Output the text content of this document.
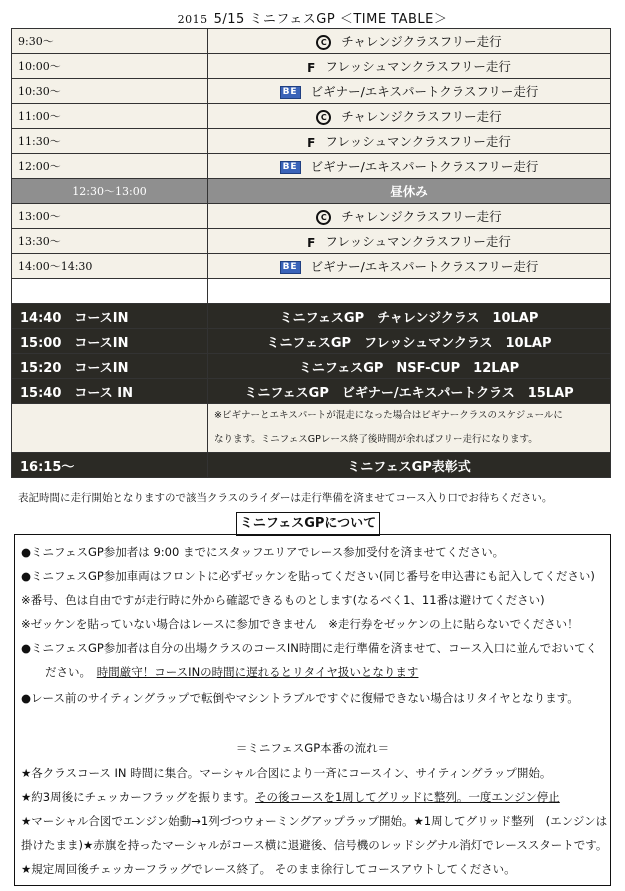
2015 5/15 ミニフェスGP ＜TIME TABLE＞
9:30〜	C チャレンジクラスフリー走行
10:00〜	F フレッシュマンクラスフリー走行
10:30〜	BE ビギナー/エキスパートクラスフリー走行
11:00〜	C チャレンジクラスフリー走行
11:30〜	F フレッシュマンクラスフリー走行
12:00〜	BE ビギナー/エキスパートクラスフリー走行
12:30〜13:00	昼休み
13:00〜	C チャレンジクラスフリー走行
13:30〜	F フレッシュマンクラスフリー走行
14:00〜14:30	BE ビギナー/エキスパートクラスフリー走行

14:40　コースIN	ミニフェスGP　チャレンジクラス　10LAP
15:00　コースIN	ミニフェスGP　フレッシュマンクラス　10LAP
15:20　コースIN	ミニフェスGP　NSF-CUP　12LAP
15:40　コース IN	ミニフェスGP　ビギナー/エキスパートクラス　15LAP

	※ビギナーとエキスパートが混走になった場合はビギナークラスのスケジュールに
なります。ミニフェスGPレース終了後時間が余ればフリー走行になります。

16:15〜	ミニフェスGP表彰式
表記時間に走行開始となりますので該当クラスのライダーは走行準備を済ませてコース入り口でお待ちください。
ミニフェスGPについて
●ミニフェスGP参加者は 9:00 までにスタッフエリアでレース参加受付を済ませてください。
●ミニフェスGP参加車両はフロントに必ずゼッケンを貼ってください(同じ番号を申込書にも記入してください)
※番号、色は自由ですが走行時に外から確認できるものとします(なるべく1、11番は避けてください)
※ゼッケンを貼っていない場合はレースに参加できません　※走行券をゼッケンの上に貼らないでください！
●ミニフェスGP参加者は自分の出場クラスのコースIN時間に走行準備を済ませて、コース入口に並んでおいてく
ださい。　 時間厳守！コースINの時間に遅れるとリタイヤ扱いとなります
●レース前のサイティングラップで転倒やマシントラブルですぐに復帰できない場合はリタイヤとなります。
＝ミニフェスGP本番の流れ＝
★各クラスコース IN 時間に集合。マーシャル合図により一斉にコースイン、サイティングラップ開始。
★約3周後にチェッカーフラッグを振ります。その後コースを1周してグリッドに整列。一度エンジン停止
★マーシャル合図でエンジン始動→1列づつウォーミングアップラップ開始。★1周してグリッド整列　(エンジンは
掛けたまま)★赤旗を持ったマーシャルがコース横に退避後、信号機のレッドシグナル消灯でレーススタートです。
★規定周回後チェッカーフラッグでレース終了。 そのまま徐行してコースアウトしてください。
